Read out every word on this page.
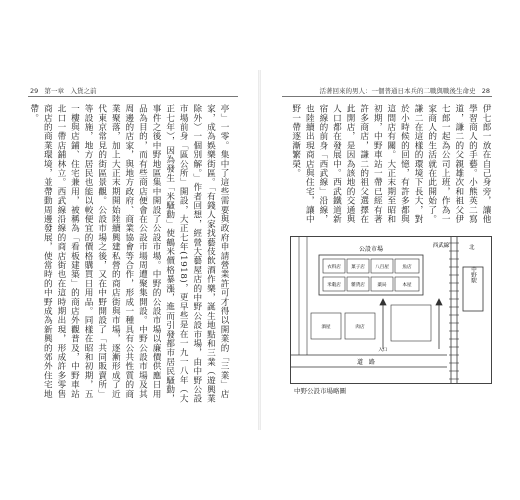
29 第一章　入貨之前
亭」一零。集中了這些需要與政府申請營業許可才得以開業的「三業」店家，成為娛樂街區。「有錢人家找藝伎飲酒作樂，誕生地點和三業（遊興業除外）一個別解。」作者回想，經營大藝屋店的中野公設市場，由中野公設市場前身「區公所」開設，大正七年(1918)，更早些是在一九一八年（大正七年），因為發生「米騷動」使鶴米價格暴漲，進而引發都市居民騷動，事件之後中野地區集中開設了公設市場。中野的公設市場以廉價供應日用品為目的，而有些商店便會在公設市場周遭聚集開設。中野公設市場及其周邊的店家，與地方政府、商業協會等合作，形成一種具有公共性質的商業聚落，加上大正末期開始陸續興建私營的商店街與市場，逐漸形成了近代東京常見的街區景觀。公設市場之後，又在中野開設了「共同販賣所」等設施，地方居民也能以較便宜的價格購買日用品。同樣在昭和初期，五一樓與店鋪、住宅兼用，被稱為「看板建築」的商店外觀普及，中野車站北口一帶店鋪林立。西武線沿線的商店街也在這時期出現，形成許多零售商店的商業環境，並帶動周邊發展，使當時的中野成為新興的郊外住宅地帶。
活著回來的男人：一個普通日本兵的二戰與戰後生命史 28
伊七郎一放在自己身旁，讓他學習商人的手藝。小熊英二寫道，謙二的父親雄次和祖父伊七郎一起為公司上班，作為一家商人的生活就在此開始了。謙二在這樣的環境下長大，對於小時候的回憶，有許多都與這間店有關。大正末期至昭和初期，中野車站一帶已經有著許多商店，謙二的祖父選擇在此開店，是因為該地的交通與人口都在發展中。西武鐵道新宿線的前身「西武線」沿線，也陸續出現商店與住宅，讓中野一帶逐漸繁榮。
中野駅
西武線	北
道　路
公設市場
衣料店 菓子店 八百屋	魚店
米穀店 雜貨店	薬局	本屋
酒屋	肉店
入口
中野公設市場略圖
